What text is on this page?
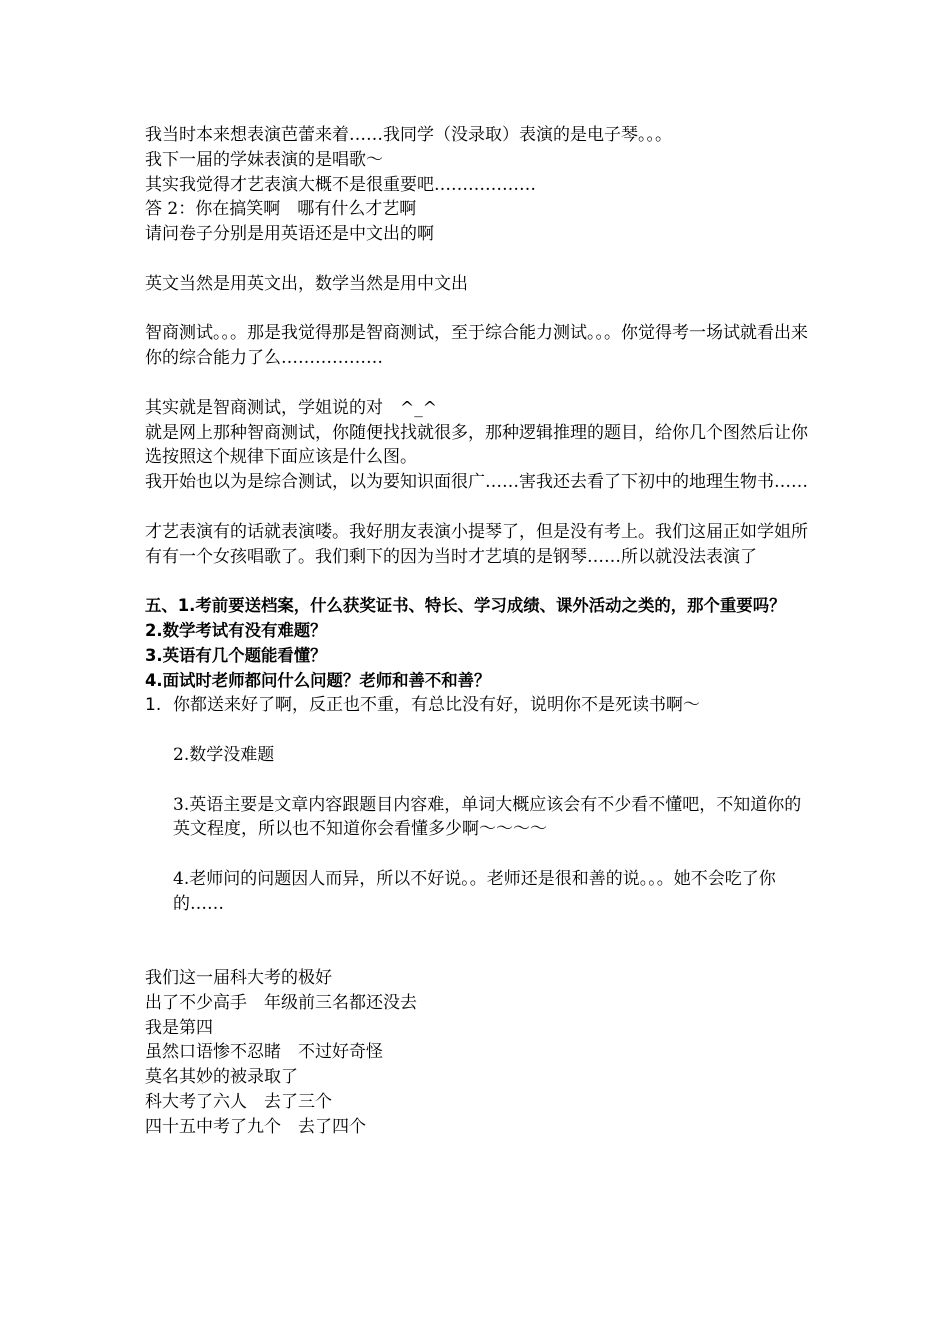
我当时本来想表演芭蕾来着……我同学（没录取）表演的是电子琴。。。

我下一届的学妹表演的是唱歌～

其实我觉得才艺表演大概不是很重要吧………………

答 2：你在搞笑啊　哪有什么才艺啊

请问卷子分别是用英语还是中文出的啊

英文当然是用英文出，数学当然是用中文出

智商测试。。。那是我觉得那是智商测试，至于综合能力测试。。。你觉得考一场试就看出来你的综合能力了么………………

其实就是智商测试，学姐说的对　^_^

就是网上那种智商测试，你随便找找就很多，那种逻辑推理的题目，给你几个图然后让你选按照这个规律下面应该是什么图。

我开始也以为是综合测试，以为要知识面很广……害我还去看了下初中的地理生物书……

才艺表演有的话就表演喽。我好朋友表演小提琴了，但是没有考上。我们这届正如学姐所有有一个女孩唱歌了。我们剩下的因为当时才艺填的是钢琴……所以就没法表演了

五、1.考前要送档案，什么获奖证书、特长、学习成绩、课外活动之类的，那个重要吗？

2.数学考试有没有难题？

3.英语有几个题能看懂？

4.面试时老师都问什么问题？老师和善不和善？

1. 你都送来好了啊，反正也不重，有总比没有好，说明你不是死读书啊～

2.数学没难题

3.英语主要是文章内容跟题目内容难，单词大概应该会有不少看不懂吧，不知道你的英文程度，所以也不知道你会看懂多少啊～～～～

4.老师问的问题因人而异，所以不好说。。老师还是很和善的说。。。她不会吃了你的……

我们这一届科大考的极好

出了不少高手　年级前三名都还没去

我是第四

虽然口语惨不忍睹　不过好奇怪

莫名其妙的被录取了

科大考了六人　去了三个

四十五中考了九个　去了四个
